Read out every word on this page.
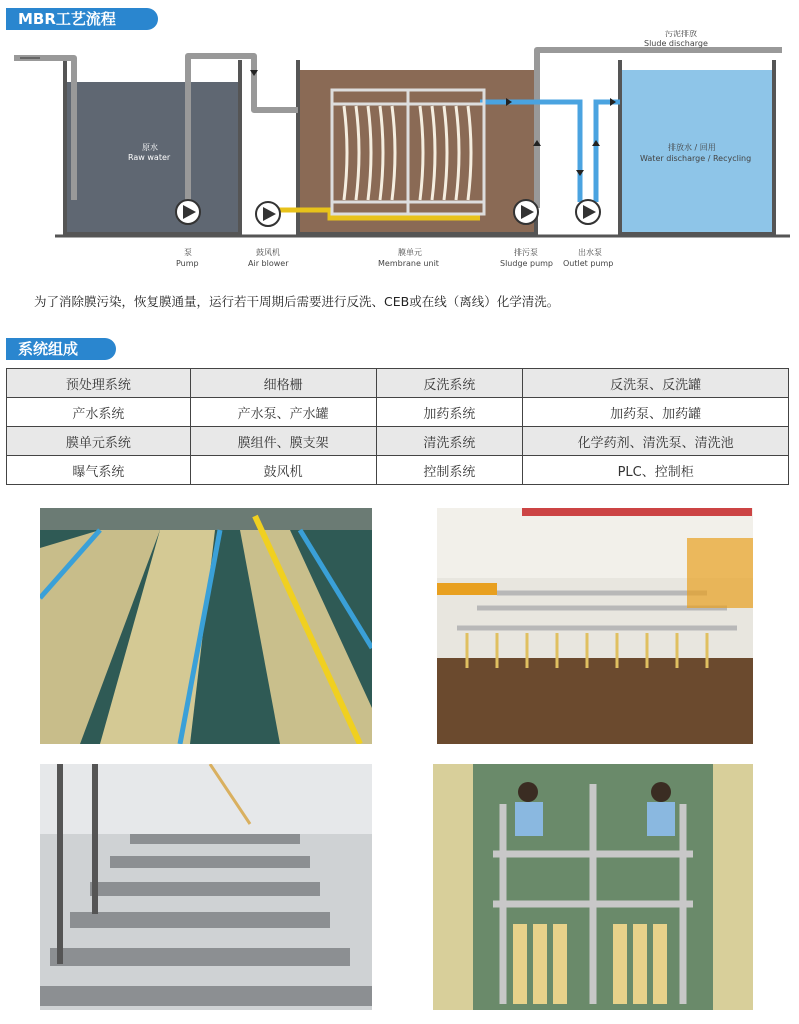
MBR工艺流程
污泥排放
Slude discharge
原水
Raw water
排放水 / 回用
Water discharge / Recycling
泵
Pump
鼓风机
Air blower
膜单元
Membrane unit
排污泵
Sludge pump
出水泵
Outlet pump
为了消除膜污染，恢复膜通量，运行若干周期后需要进行反洗、CEB或在线（离线）化学清洗。
系统组成
预处理系统	细格栅	反洗系统	反洗泵、反洗罐
产水系统	产水泵、产水罐	加药系统	加药泵、加药罐
膜单元系统	膜组件、膜支架	清洗系统	化学药剂、清洗泵、清洗池
曝气系统	鼓风机	控制系统	PLC、控制柜
